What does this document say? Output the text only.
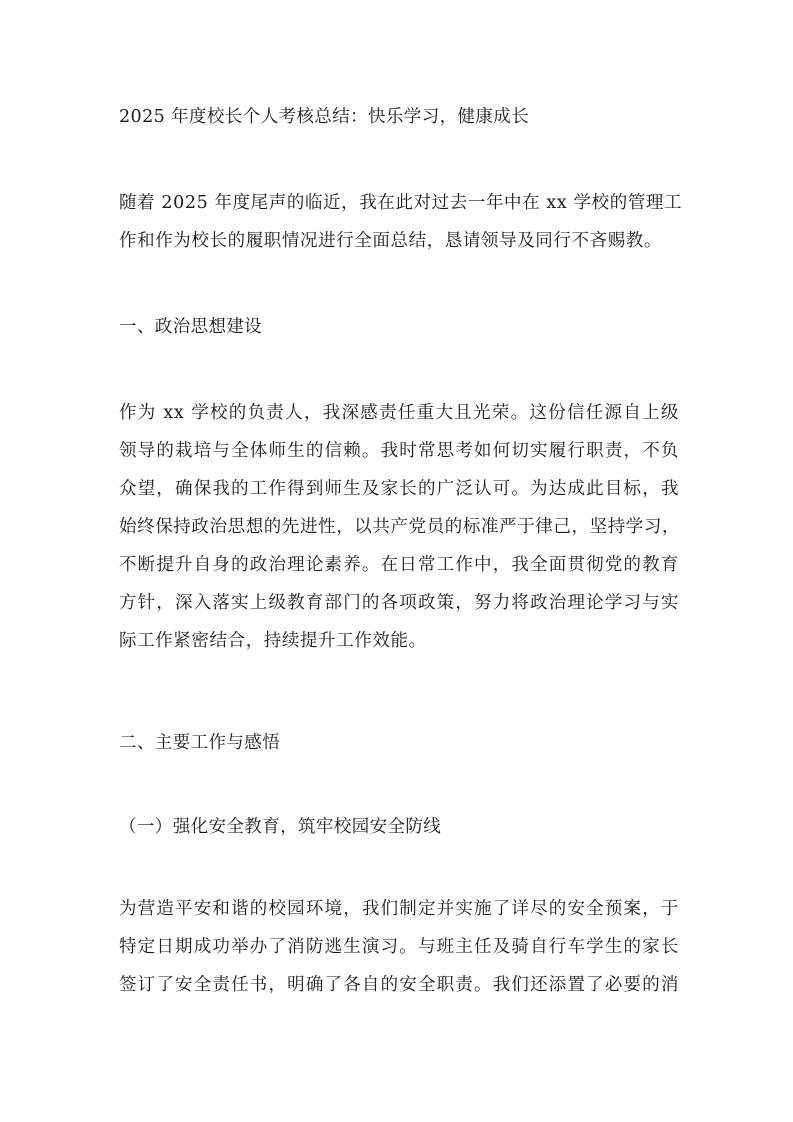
2025 年度校长个人考核总结：快乐学习，健康成长
随着 2025 年度尾声的临近，我在此对过去一年中在 xx 学校的管理工
作和作为校长的履职情况进行全面总结，恳请领导及同行不吝赐教。
一、政治思想建设
作为 xx 学校的负责人，我深感责任重大且光荣。这份信任源自上级
领导的栽培与全体师生的信赖。我时常思考如何切实履行职责，不负
众望，确保我的工作得到师生及家长的广泛认可。为达成此目标，我
始终保持政治思想的先进性，以共产党员的标准严于律己，坚持学习，
不断提升自身的政治理论素养。在日常工作中，我全面贯彻党的教育
方针，深入落实上级教育部门的各项政策，努力将政治理论学习与实
际工作紧密结合，持续提升工作效能。
二、主要工作与感悟
（一）强化安全教育，筑牢校园安全防线
为营造平安和谐的校园环境，我们制定并实施了详尽的安全预案，于
特定日期成功举办了消防逃生演习。与班主任及骑自行车学生的家长
签订了安全责任书，明确了各自的安全职责。我们还添置了必要的消
